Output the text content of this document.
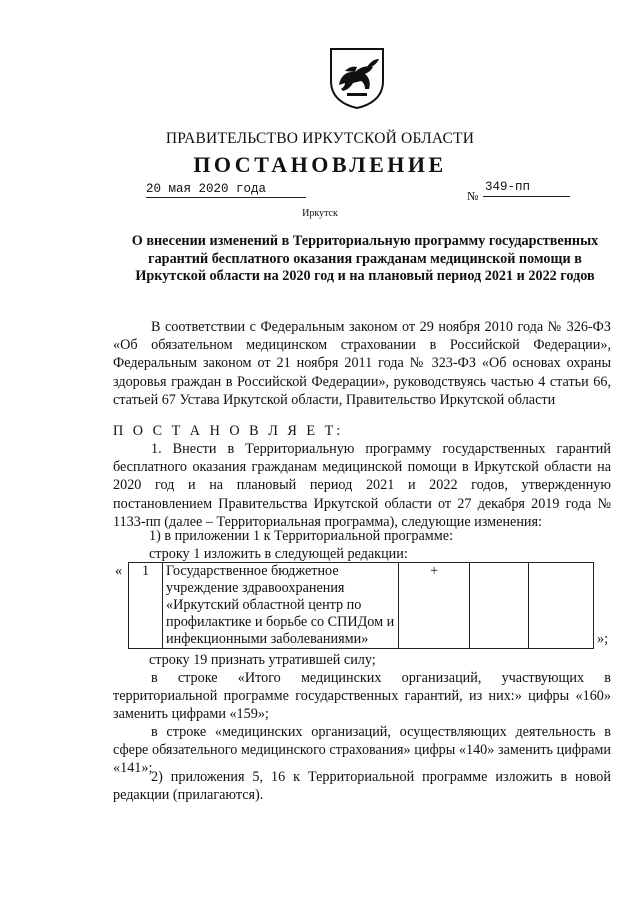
ПРАВИТЕЛЬСТВО ИРКУТСКОЙ ОБЛАСТИ
ПОСТАНОВЛЕНИЕ
20 мая 2020 года	№
349-пп
Иркутск
О внесении изменений в Территориальную программу государственных гарантий бесплатного оказания гражданам медицинской помощи в Иркутской области на 2020 год и на плановый период 2021 и 2022 годов
В соответствии с Федеральным законом от 29 ноября 2010 года № 326-ФЗ «Об обязательном медицинском страховании в Российской Федерации», Федеральным законом от 21 ноября 2011 года № 323-ФЗ «Об основах охраны здоровья граждан в Российской Федерации», руководствуясь частью 4 статьи 66, статьей 67 Устава Иркутской области, Правительство Иркутской области
П О С Т А Н О В Л Я Е Т:
1. Внести в Территориальную программу государственных гарантий бесплатного оказания гражданам медицинской помощи в Иркутской области на 2020 год и на плановый период 2021 и 2022 годов, утвержденную постановлением Правительства Иркутской области от 27 декабря 2019 года № 1133-пп (далее – Территориальная программа), следующие изменения:
1) в приложении 1 к Территориальной программе:
строку 1 изложить в следующей редакции:
« 1	Государственное бюджетное учреждение здравоохранения «Иркутский областной центр по профилактике и борьбе со СПИДом и инфекционными заболеваниями»	+		
»;
строку 19 признать утратившей силу;
в строке «Итого медицинских организаций, участвующих в территориальной программе государственных гарантий, из них:» цифры «160» заменить цифрами «159»;
в строке «медицинских организаций, осуществляющих деятельность в сфере обязательного медицинского страхования» цифры «140» заменить цифрами «141»;
2) приложения 5, 16 к Территориальной программе изложить в новой редакции (прилагаются).
